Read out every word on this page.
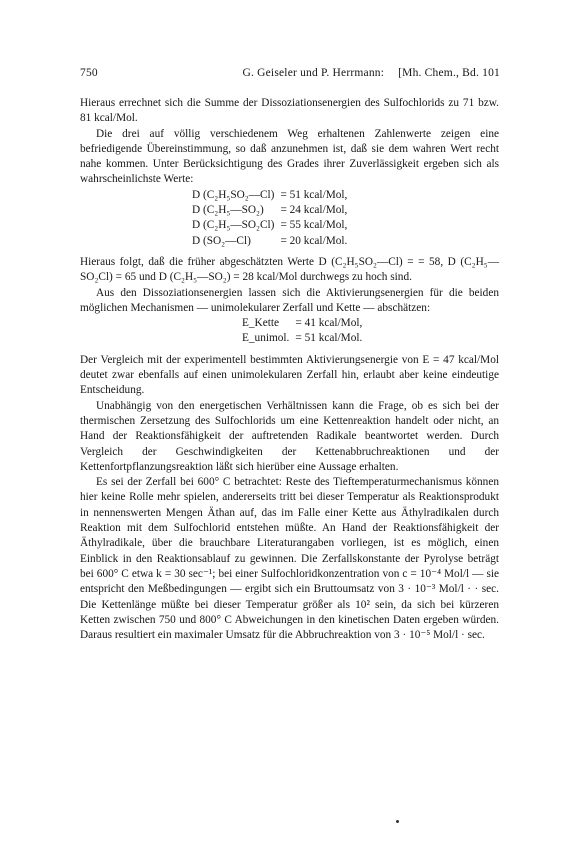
750	G. Geiseler und P. Herrmann: [Mh. Chem., Bd. 101

Hieraus errechnet sich die Summe der Dissoziationsenergien des Sulfochlorids zu 71 bzw. 81 kcal/Mol.

Die drei auf völlig verschiedenem Weg erhaltenen Zahlenwerte zeigen eine befriedigende Übereinstimmung, so daß anzunehmen ist, daß sie dem wahren Wert recht nahe kommen. Unter Berücksichtigung des Grades ihrer Zuverlässigkeit ergeben sich als wahrscheinlichste Werte:

D (C₂H₅SO₂—Cl)	= 51 kcal/Mol,
D (C₂H₅—SO₂)	= 24 kcal/Mol,
D (C₂H₅—SO₂Cl)	= 55 kcal/Mol,
D (SO₂—Cl)	= 20 kcal/Mol.

Hieraus folgt, daß die früher abgeschätzten Werte D (C₂H₅SO₂—Cl) = = 58, D (C₂H₅—SO₂Cl) = 65 und D (C₂H₅—SO₂) = 28 kcal/Mol durchwegs zu hoch sind.

Aus den Dissoziationsenergien lassen sich die Aktivierungsenergien für die beiden möglichen Mechanismen — unimolekularer Zerfall und Kette — abschätzen:

E_Kette	= 41 kcal/Mol,
E_unimol.	= 51 kcal/Mol.

Der Vergleich mit der experimentell bestimmten Aktivierungsenergie von E = 47 kcal/Mol deutet zwar ebenfalls auf einen unimolekularen Zerfall hin, erlaubt aber keine eindeutige Entscheidung.

Unabhängig von den energetischen Verhältnissen kann die Frage, ob es sich bei der thermischen Zersetzung des Sulfochlorids um eine Kettenreaktion handelt oder nicht, an Hand der Reaktionsfähigkeit der auftretenden Radikale beantwortet werden. Durch Vergleich der Geschwindigkeiten der Kettenabbruchreaktionen und der Kettenfortpflanzungsreaktion läßt sich hierüber eine Aussage erhalten.

Es sei der Zerfall bei 600° C betrachtet: Reste des Tieftemperaturmechanismus können hier keine Rolle mehr spielen, andererseits tritt bei dieser Temperatur als Reaktionsprodukt in nennenswerten Mengen Äthan auf, das im Falle einer Kette aus Äthylradikalen durch Reaktion mit dem Sulfochlorid entstehen müßte. An Hand der Reaktionsfähigkeit der Äthylradikale, über die brauchbare Literaturangaben vorliegen, ist es möglich, einen Einblick in den Reaktionsablauf zu gewinnen. Die Zerfallskonstante der Pyrolyse beträgt bei 600° C etwa k = 30 sec⁻¹; bei einer Sulfochloridkonzentration von c = 10⁻⁴ Mol/l — sie entspricht den Meßbedingungen — ergibt sich ein Bruttoumsatz von 3 · 10⁻³ Mol/l · · sec. Die Kettenlänge müßte bei dieser Temperatur größer als 10² sein, da sich bei kürzeren Ketten zwischen 750 und 800° C Abweichungen in den kinetischen Daten ergeben würden. Daraus resultiert ein maximaler Umsatz für die Abbruchreaktion von 3 · 10⁻⁵ Mol/l · sec.
